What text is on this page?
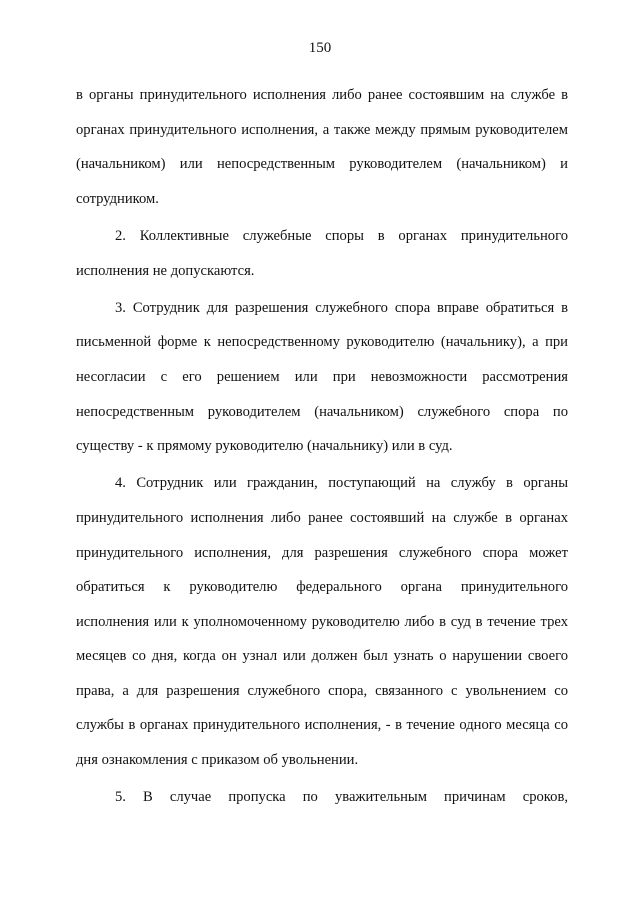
150

в органы принудительного исполнения либо ранее состоявшим на службе в органах принудительного исполнения, а также между прямым руководителем (начальником) или непосредственным руководителем (начальником) и сотрудником.

2. Коллективные служебные споры в органах принудительного исполнения не допускаются.

3. Сотрудник для разрешения служебного спора вправе обратиться в письменной форме к непосредственному руководителю (начальнику), а при несогласии с его решением или при невозможности рассмотрения непосредственным руководителем (начальником) служебного спора по существу - к прямому руководителю (начальнику) или в суд.

4. Сотрудник или гражданин, поступающий на службу в органы принудительного исполнения либо ранее состоявший на службе в органах принудительного исполнения, для разрешения служебного спора может обратиться к руководителю федерального органа принудительного исполнения или к уполномоченному руководителю либо в суд в течение трех месяцев со дня, когда он узнал или должен был узнать о нарушении своего права, а для разрешения служебного спора, связанного с увольнением со службы в органах принудительного исполнения, - в течение одного месяца со дня ознакомления с приказом об увольнении.

5. В случае пропуска по уважительным причинам сроков,
